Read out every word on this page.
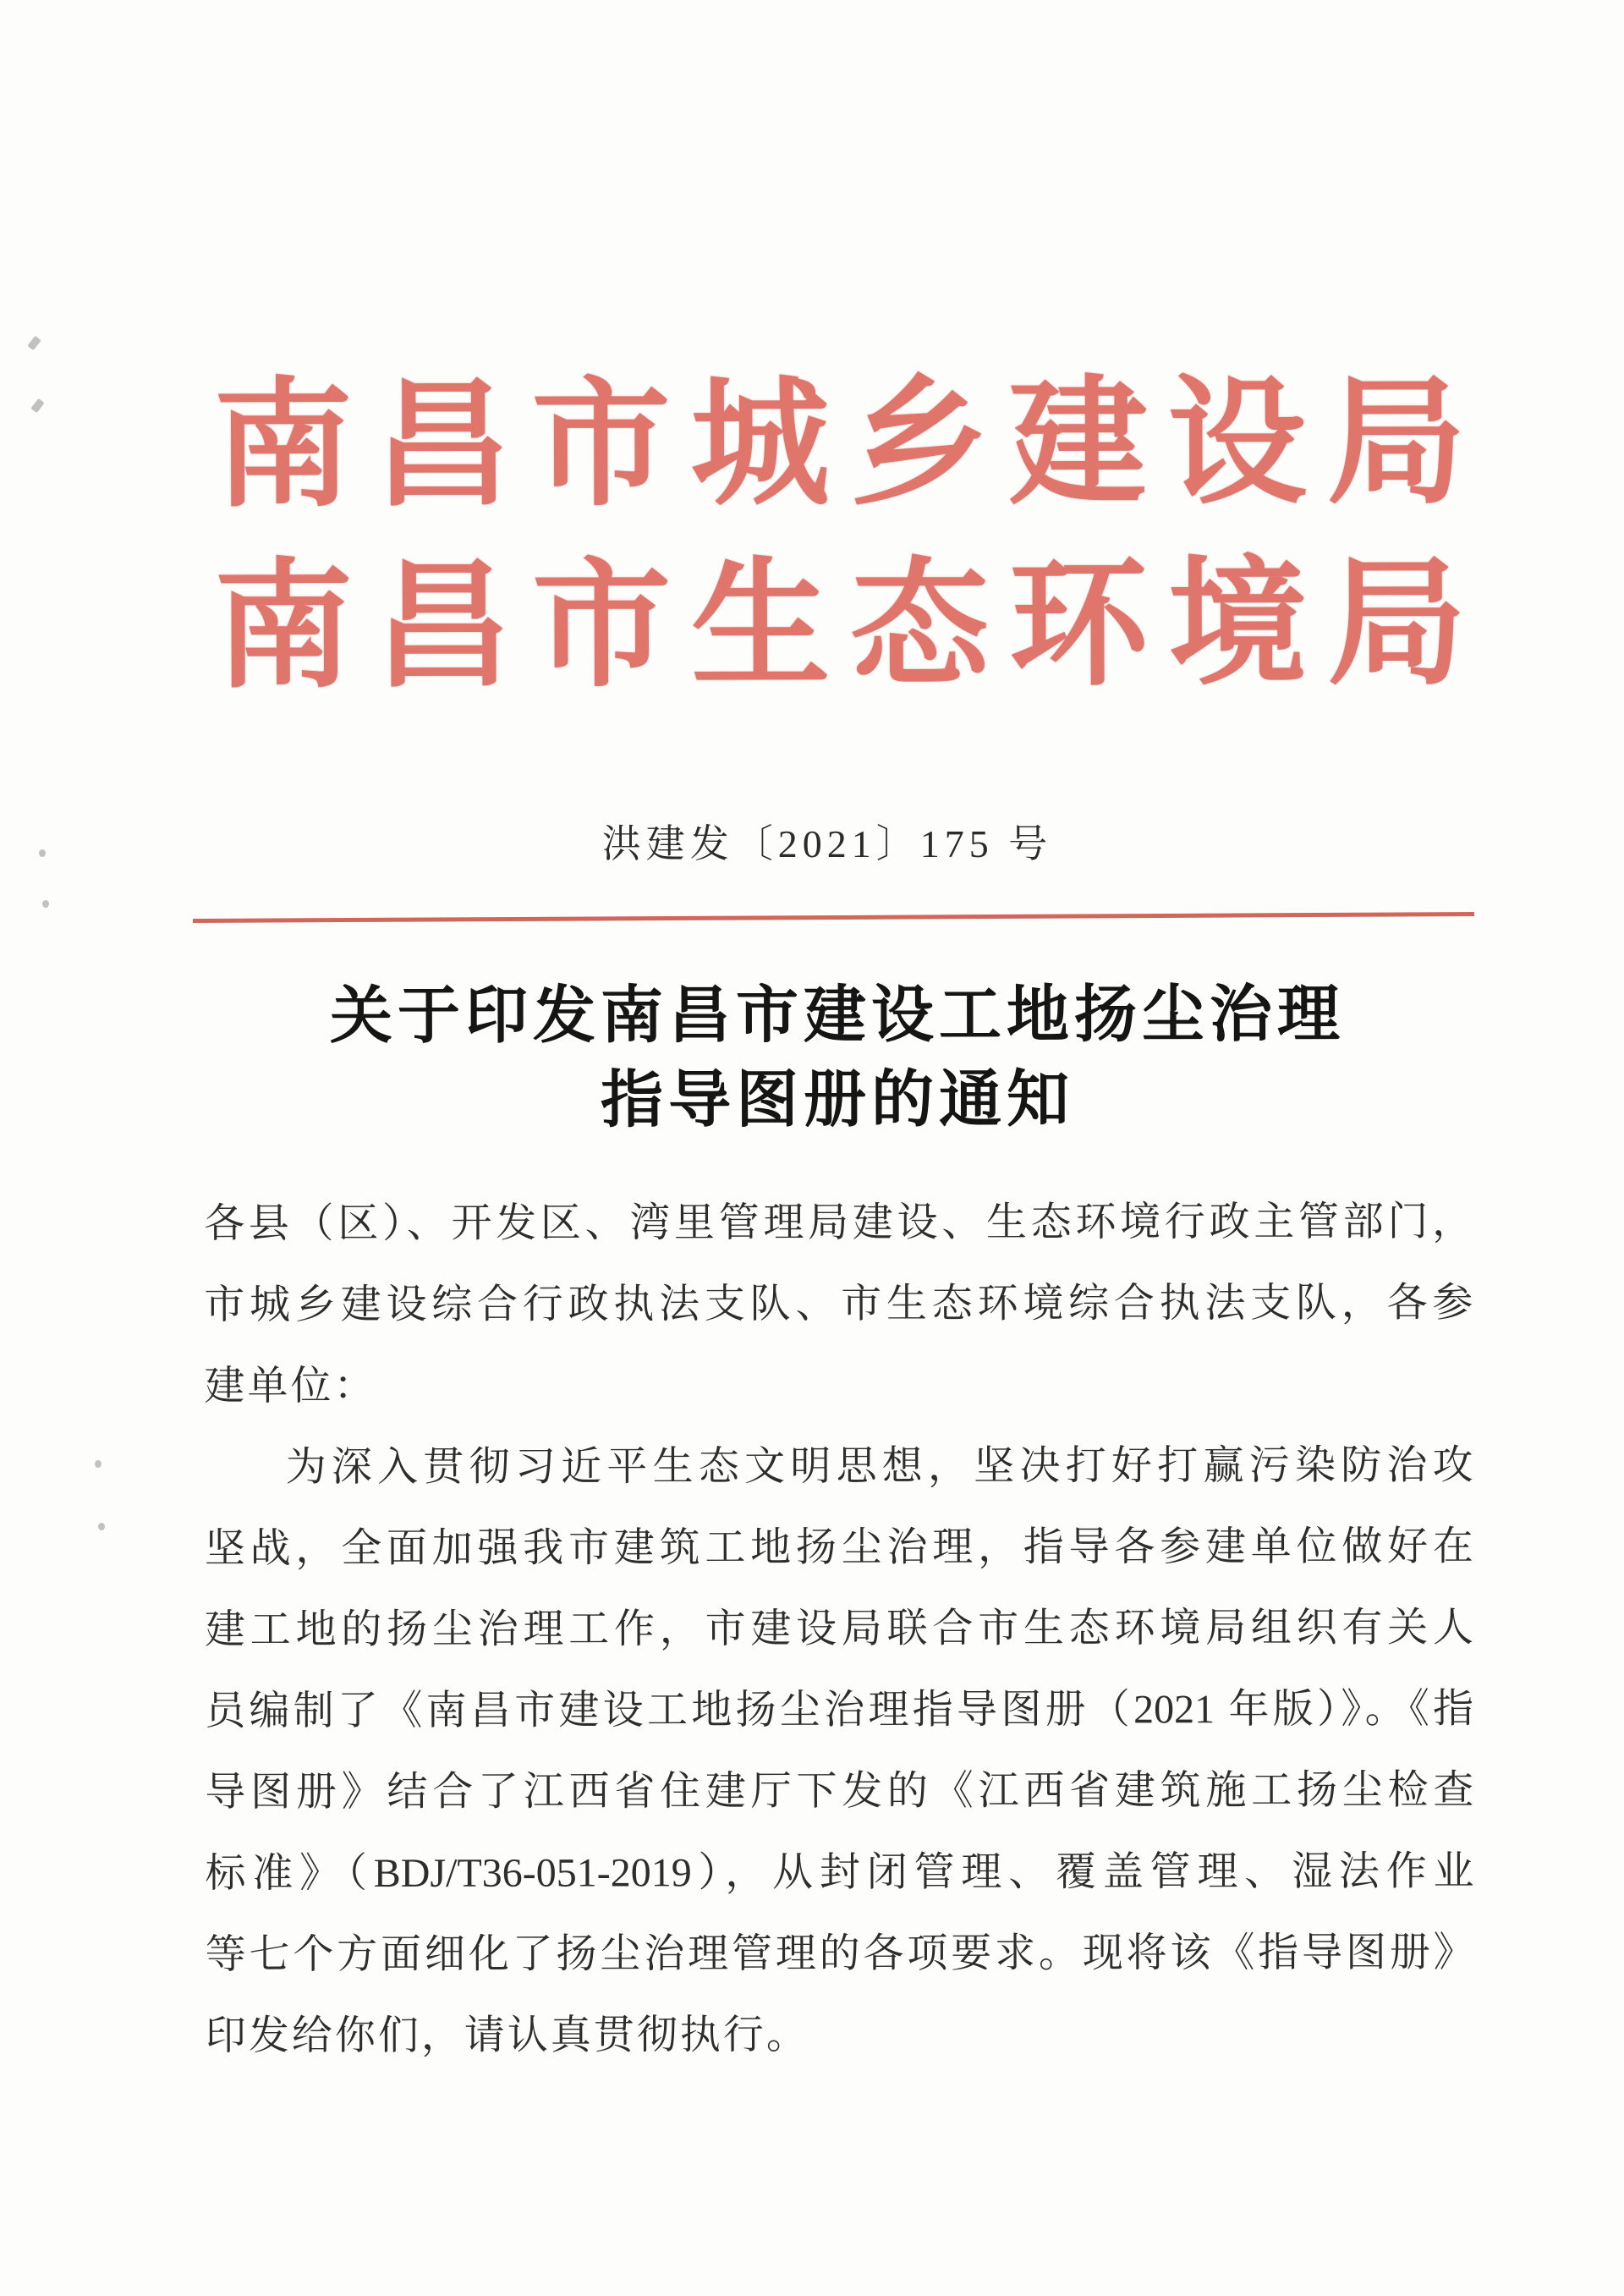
南昌市城乡建设局
南昌市生态环境局
洪建发〔2021〕175 号
关于印发南昌市建设工地扬尘治理
指导图册的通知
各县（区）、开发区、湾里管理局建设、生态环境行政主管部门，
市城乡建设综合行政执法支队、市生态环境综合执法支队，各参
建单位：
为深入贯彻习近平生态文明思想，坚决打好打赢污染防治攻
坚战，全面加强我市建筑工地扬尘治理，指导各参建单位做好在
建工地的扬尘治理工作，市建设局联合市生态环境局组织有关人
员编制了《南昌市建设工地扬尘治理指导图册（2021 年版）》。《指
导图册》结合了江西省住建厅下发的《江西省建筑施工扬尘检查
标准》（BDJ/T36-051-2019），从封闭管理、覆盖管理、湿法作业
等七个方面细化了扬尘治理管理的各项要求。现将该《指导图册》
印发给你们，请认真贯彻执行。
